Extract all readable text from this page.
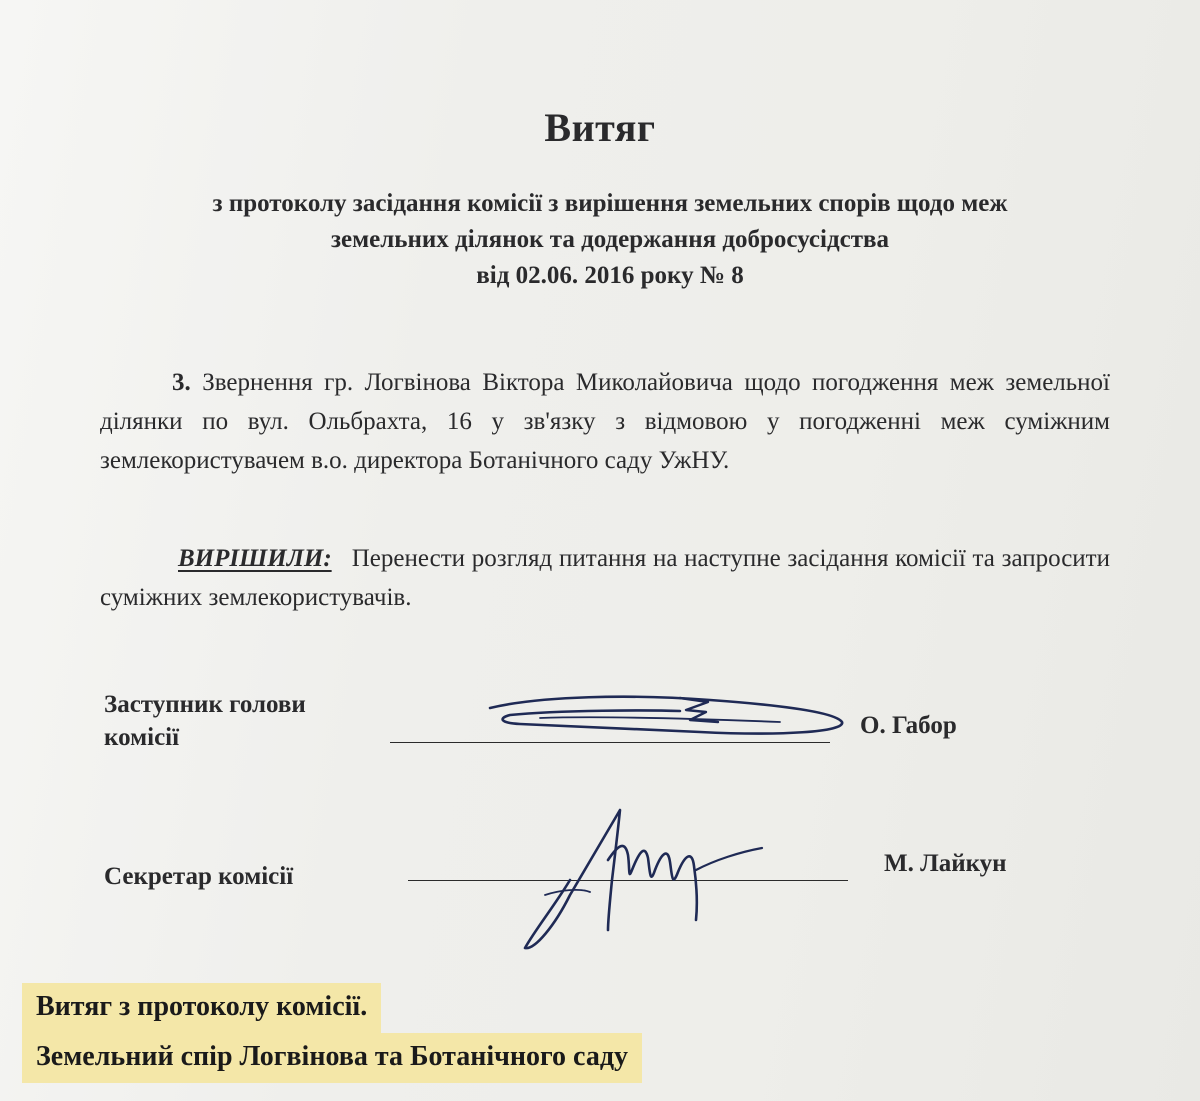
Витяг
з протоколу засідання комісії з вирішення земельних спорів щодо меж
земельних ділянок та додержання добросусідства
від 02.06. 2016 року № 8
3. Звернення гр. Логвінова Віктора Миколайовича щодо погодження меж земельної ділянки по вул. Ольбрахта, 16 у зв'язку з відмовою у погодженні меж суміжним землекористувачем в.о. директора Ботанічного саду УжНУ.
ВИРІШИЛИ: Перенести розгляд питання на наступне засідання комісії та запросити суміжних землекористувачів.
Заступник голови
комісії	О. Габор
Секретар комісії	М. Лайкун
Витяг з протоколу комісії.
Земельний спір Логвінова та Ботанічного саду
